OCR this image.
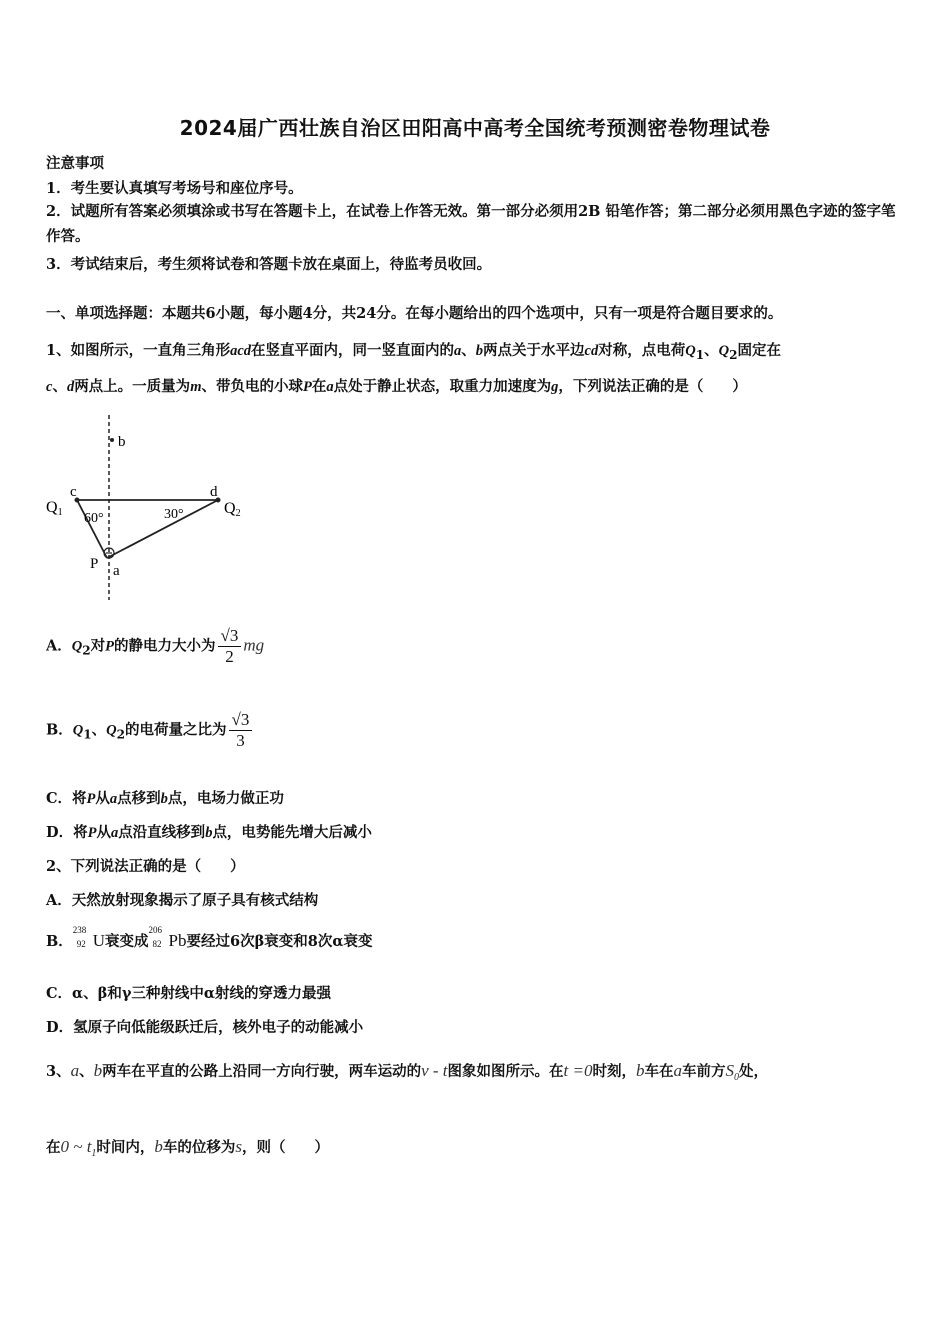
2024届广西壮族自治区田阳高中高考全国统考预测密卷物理试卷
注意事项
1．考生要认真填写考场号和座位序号。
2．试题所有答案必须填涂或书写在答题卡上，在试卷上作答无效。第一部分必须用2B 铅笔作答；第二部分必须用黑色字迹的签字笔作答。
3．考试结束后，考生须将试卷和答题卡放在桌面上，待监考员收回。
一、单项选择题：本题共6小题，每小题4分，共24分。在每小题给出的四个选项中，只有一项是符合题目要求的。
1、如图所示，一直角三角形acd在竖直平面内，同一竖直面内的a、b两点关于水平边cd对称，点电荷$Q_1$、$Q_2$固定在
c、d两点上。一质量为m、带负电的小球P在a点处于静止状态，取重力加速度为g，下列说法正确的是（　　）
b
c	d
Q1	Q2
60°	30°
P a
A．$Q_2$对P的静电力大小为 $\frac{√3}{2}$ mg
B．$Q_1$、$Q_2$的电荷量之比为 $\frac{√3}{3}$
C．将P从a点移到b点，电场力做正功
D．将P从a点沿直线移到b点，电势能先增大后减小
2、下列说法正确的是（　　）
A．天然放射现象揭示了原子具有核式结构
B．
238
92 U衰变成
206
82 Pb要经过6次β衰变和8次α衰变
C．α、β和γ三种射线中α射线的穿透力最强
D．氢原子向低能级跃迁后，核外电子的动能减小
3、a、b两车在平直的公路上沿同一方向行驶，两车运动的v - t图象如图所示。在t =0时刻，b车在a车前方$S_0$处，
在0 ~ $t_1$时间内，b车的位移为s，则（　　）
